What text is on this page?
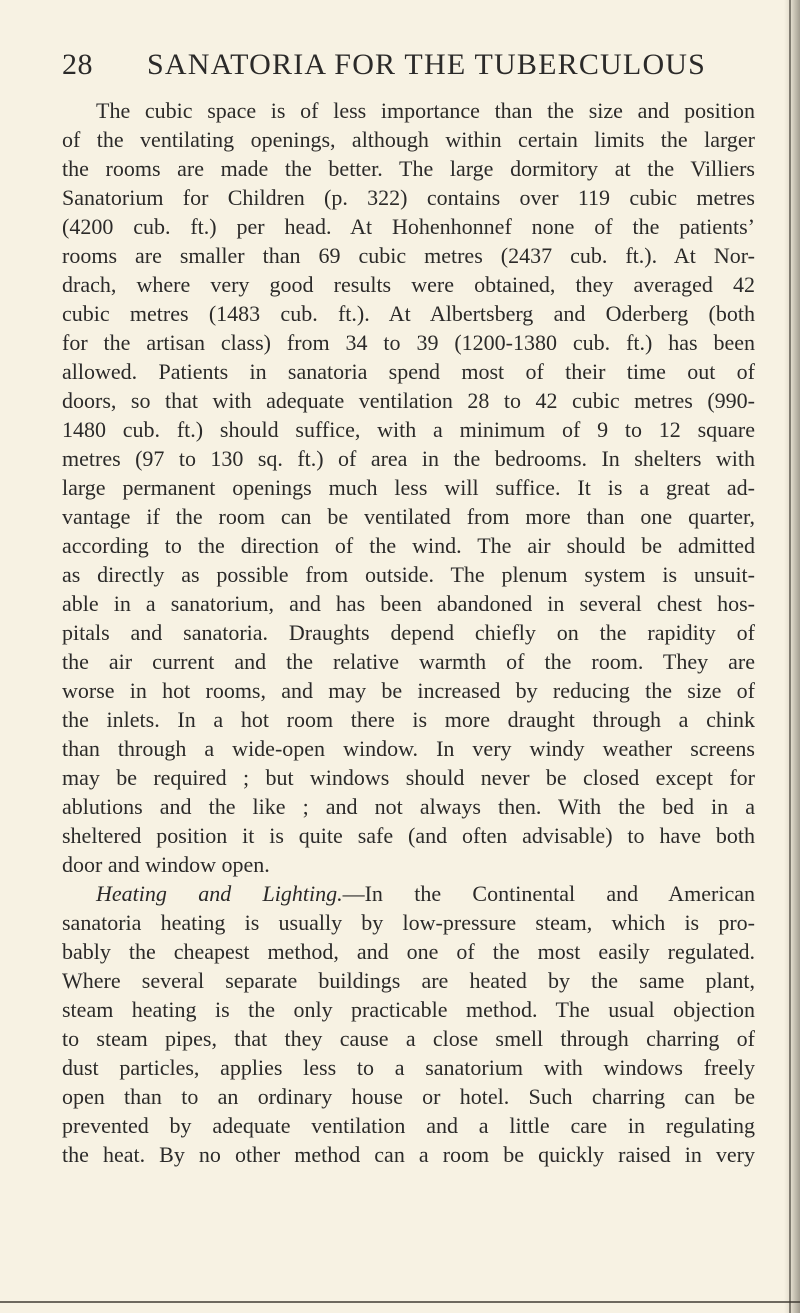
28 SANATORIA FOR THE TUBERCULOUS
The cubic space is of less importance than the size and position
of the ventilating openings, although within certain limits the larger
the rooms are made the better. The large dormitory at the Villiers
Sanatorium for Children (p. 322) contains over 119 cubic metres
(4200 cub. ft.) per head. At Hohenhonnef none of the patients’
rooms are smaller than 69 cubic metres (2437 cub. ft.). At Nor-
drach, where very good results were obtained, they averaged 42
cubic metres (1483 cub. ft.). At Albertsberg and Oderberg (both
for the artisan class) from 34 to 39 (1200-1380 cub. ft.) has been
allowed. Patients in sanatoria spend most of their time out of
doors, so that with adequate ventilation 28 to 42 cubic metres (990-
1480 cub. ft.) should suffice, with a minimum of 9 to 12 square
metres (97 to 130 sq. ft.) of area in the bedrooms. In shelters with
large permanent openings much less will suffice. It is a great ad-
vantage if the room can be ventilated from more than one quarter,
according to the direction of the wind. The air should be admitted
as directly as possible from outside. The plenum system is unsuit-
able in a sanatorium, and has been abandoned in several chest hos-
pitals and sanatoria. Draughts depend chiefly on the rapidity of
the air current and the relative warmth of the room. They are
worse in hot rooms, and may be increased by reducing the size of
the inlets. In a hot room there is more draught through a chink
than through a wide-open window. In very windy weather screens
may be required ; but windows should never be closed except for
ablutions and the like ; and not always then. With the bed in a
sheltered position it is quite safe (and often advisable) to have both
door and window open.
Heating and Lighting.—In the Continental and American
sanatoria heating is usually by low-pressure steam, which is pro-
bably the cheapest method, and one of the most easily regulated.
Where several separate buildings are heated by the same plant,
steam heating is the only practicable method. The usual objection
to steam pipes, that they cause a close smell through charring of
dust particles, applies less to a sanatorium with windows freely
open than to an ordinary house or hotel. Such charring can be
prevented by adequate ventilation and a little care in regulating
the heat. By no other method can a room be quickly raised in very
